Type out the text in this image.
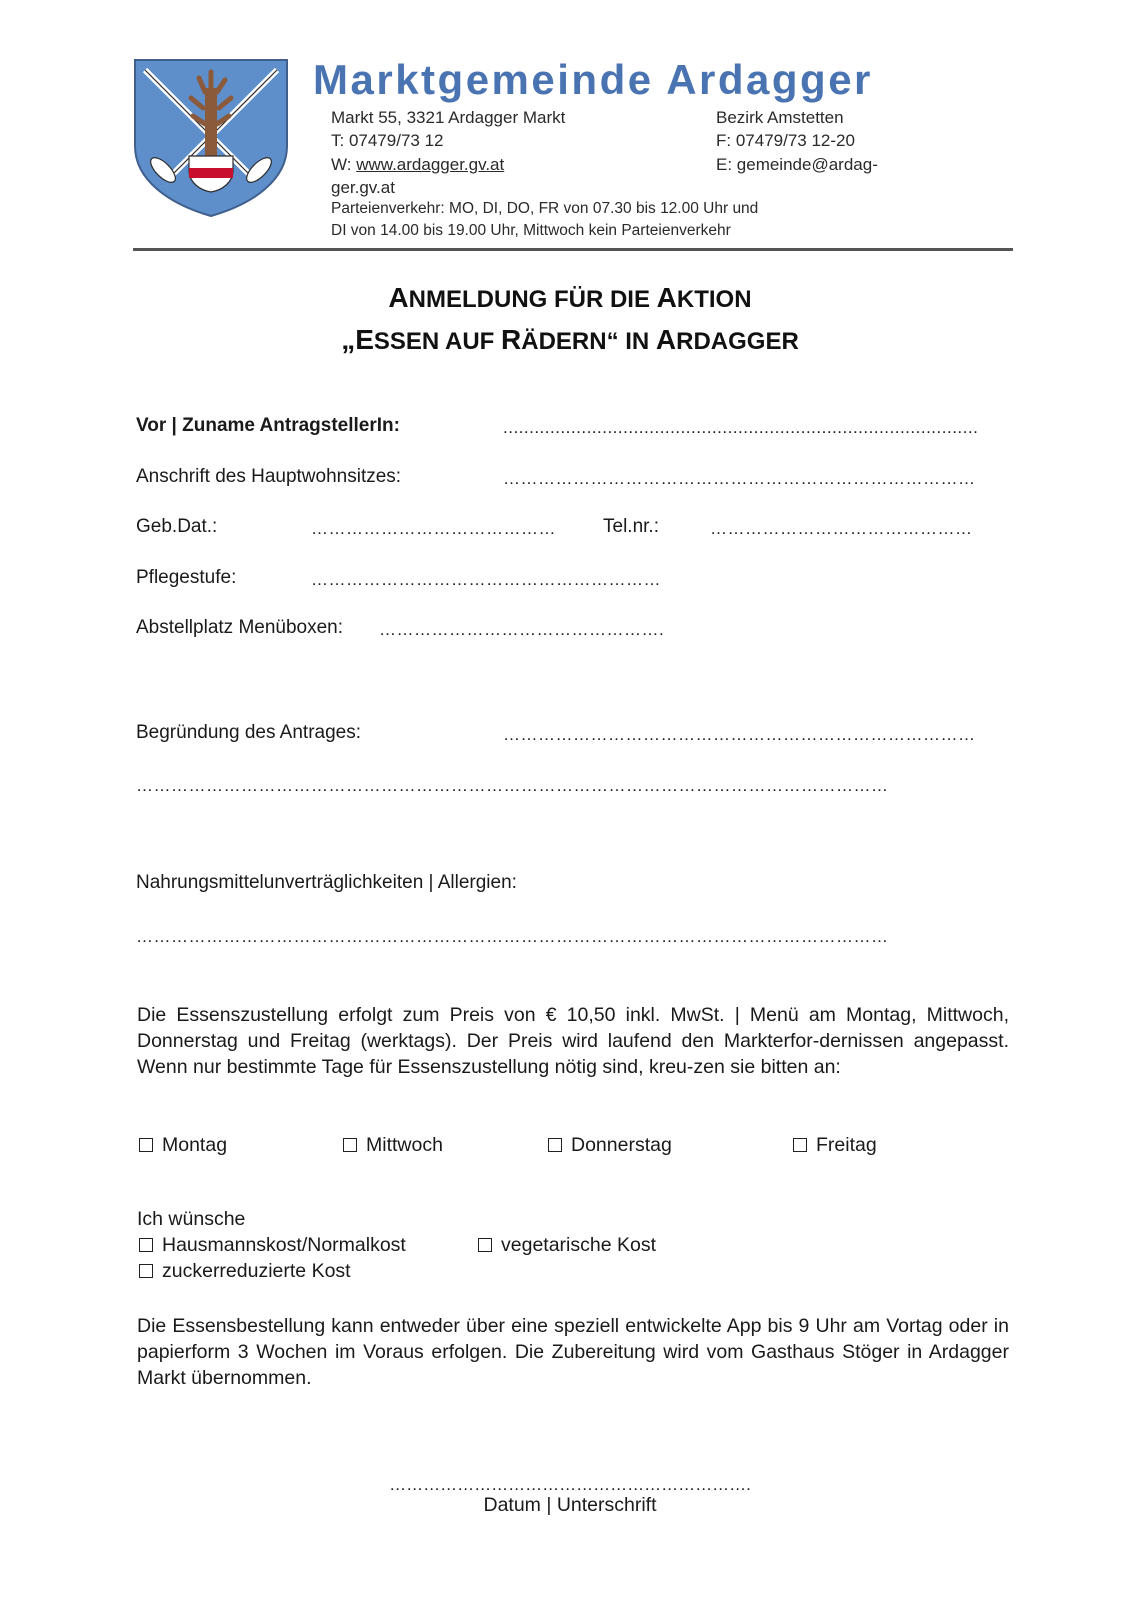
Marktgemeinde Ardagger
Markt 55, 3321 Ardagger Markt	Bezirk Amstetten
T: 07479/73 12	F: 07479/73 12-20
W: www.ardagger.gv.at	E: gemeinde@ardag-
ger.gv.at
Parteienverkehr: MO, DI, DO, FR von 07.30 bis 12.00 Uhr und
DI von 14.00 bis 19.00 Uhr, Mittwoch kein Parteienverkehr
ANMELDUNG FÜR DIE AKTION
„ESSEN AUF RÄDERN“ IN ARDAGGER
Vor | Zuname AntragstellerIn:	...........................................................................................
Anschrift des Hauptwohnsitzes:	………………………………………………………………………
Geb.Dat.:	…………………………………… Tel.nr.:	………………………………………
Pflegestufe:	……………………………………………………
Abstellplatz Menüboxen: ………………………………………….
Begründung des Antrages:	………………………………………………………………………
…………………………………………………………………………………………………………………
Nahrungsmittelunverträglichkeiten | Allergien:
…………………………………………………………………………………………………………………
Die Essenszustellung erfolgt zum Preis von € 10,50 inkl. MwSt. | Menü am Montag, Mittwoch, Donnerstag und Freitag (werktags). Der Preis wird laufend den Markterfor-dernissen angepasst. Wenn nur bestimmte Tage für Essenszustellung nötig sind, kreu-zen sie bitten an:
Montag	Mittwoch	Donnerstag	Freitag
Ich wünsche
Hausmannskost/Normalkost	vegetarische Kost
zuckerreduzierte Kost
Die Essensbestellung kann entweder über eine speziell entwickelte App bis 9 Uhr am Vortag oder in papierform 3 Wochen im Voraus erfolgen. Die Zubereitung wird vom Gasthaus Stöger in Ardagger Markt übernommen.
……………………………………………………….
Datum | Unterschrift
